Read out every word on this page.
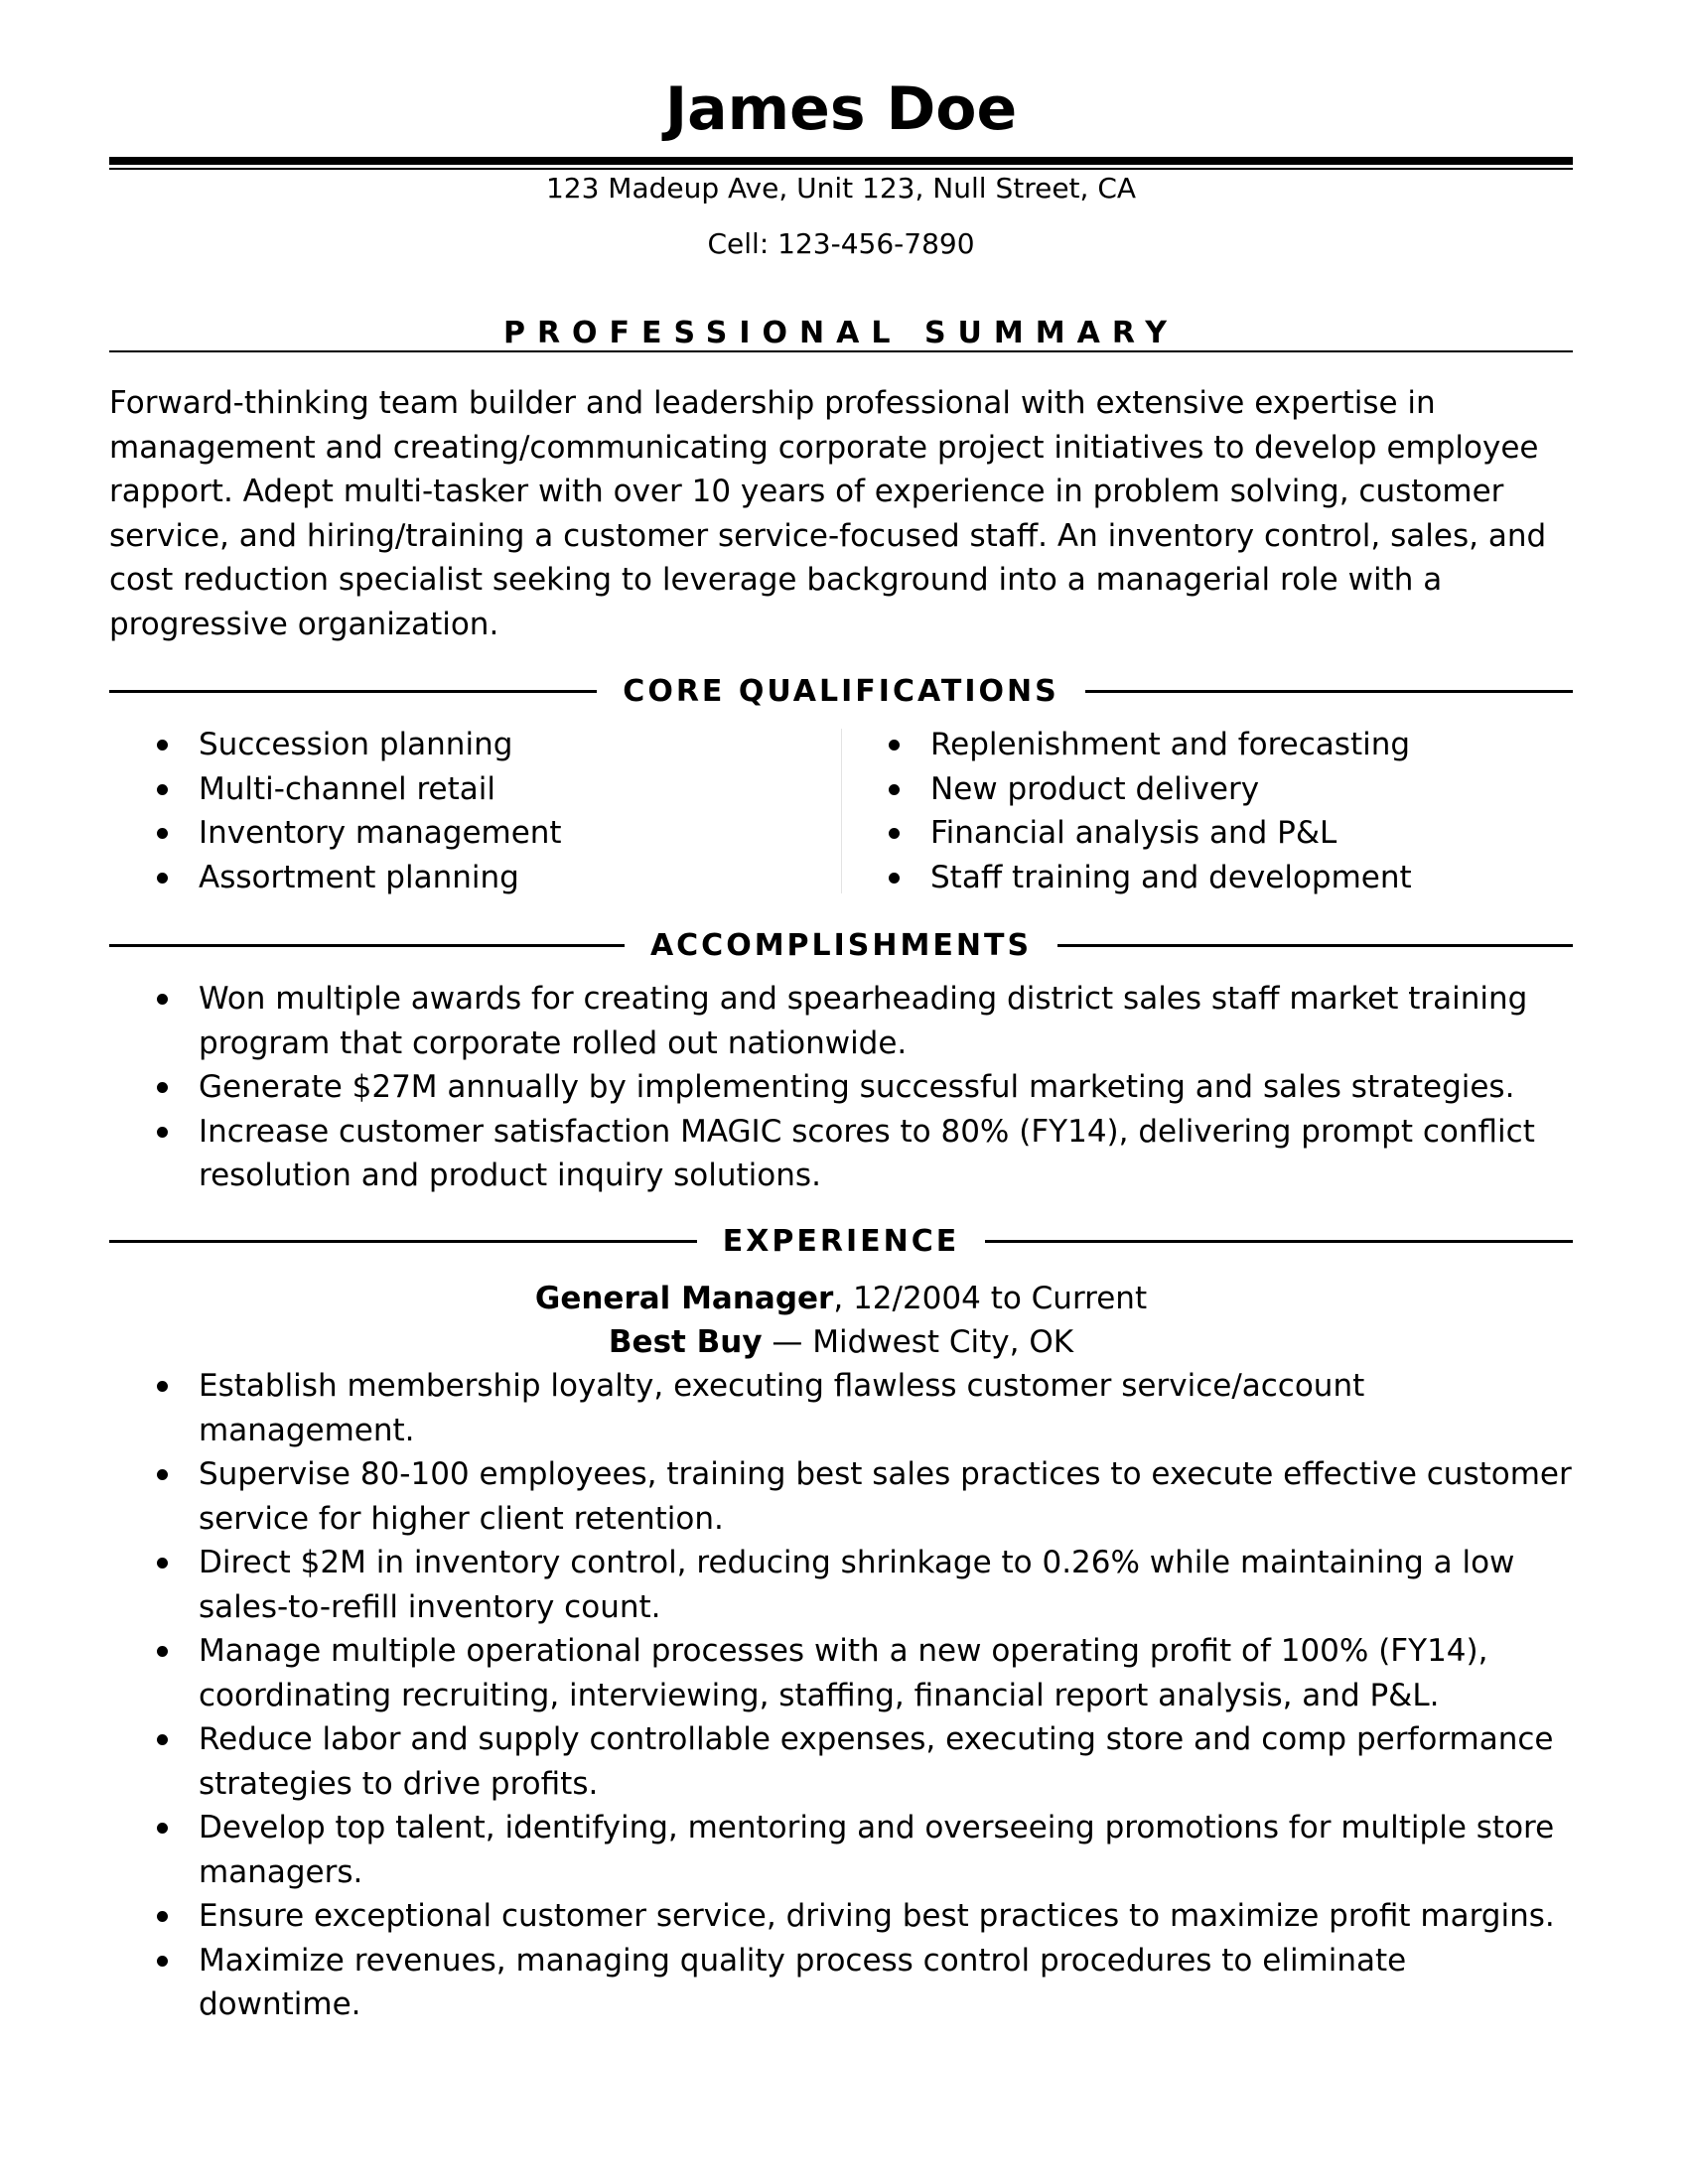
James Doe
123 Madeup Ave, Unit 123, Null Street, CA
Cell: 123-456-7890
PROFESSIONAL SUMMARY
Forward-thinking team builder and leadership professional with extensive expertise in management and creating/communicating corporate project initiatives to develop employee rapport. Adept multi-tasker with over 10 years of experience in problem solving, customer service, and hiring/training a customer service-focused staff. An inventory control, sales, and cost reduction specialist seeking to leverage background into a managerial role with a progressive organization.
CORE QUALIFICATIONS
Succession planning
Multi-channel retail
Inventory management
Assortment planning
Replenishment and forecasting
New product delivery
Financial analysis and P&L
Staff training and development
ACCOMPLISHMENTS
Won multiple awards for creating and spearheading district sales staff market training program that corporate rolled out nationwide.
Generate $27M annually by implementing successful marketing and sales strategies.
Increase customer satisfaction MAGIC scores to 80% (FY14), delivering prompt conflict resolution and product inquiry solutions.
EXPERIENCE
General Manager, 12/2004 to Current
Best Buy — Midwest City, OK
Establish membership loyalty, executing flawless customer service/account management.
Supervise 80-100 employees, training best sales practices to execute effective customer service for higher client retention.
Direct $2M in inventory control, reducing shrinkage to 0.26% while maintaining a low sales-to-refill inventory count.
Manage multiple operational processes with a new operating profit of 100% (FY14), coordinating recruiting, interviewing, staffing, financial report analysis, and P&L.
Reduce labor and supply controllable expenses, executing store and comp performance strategies to drive profits.
Develop top talent, identifying, mentoring and overseeing promotions for multiple store managers.
Ensure exceptional customer service, driving best practices to maximize profit margins.
Maximize revenues, managing quality process control procedures to eliminate downtime.
